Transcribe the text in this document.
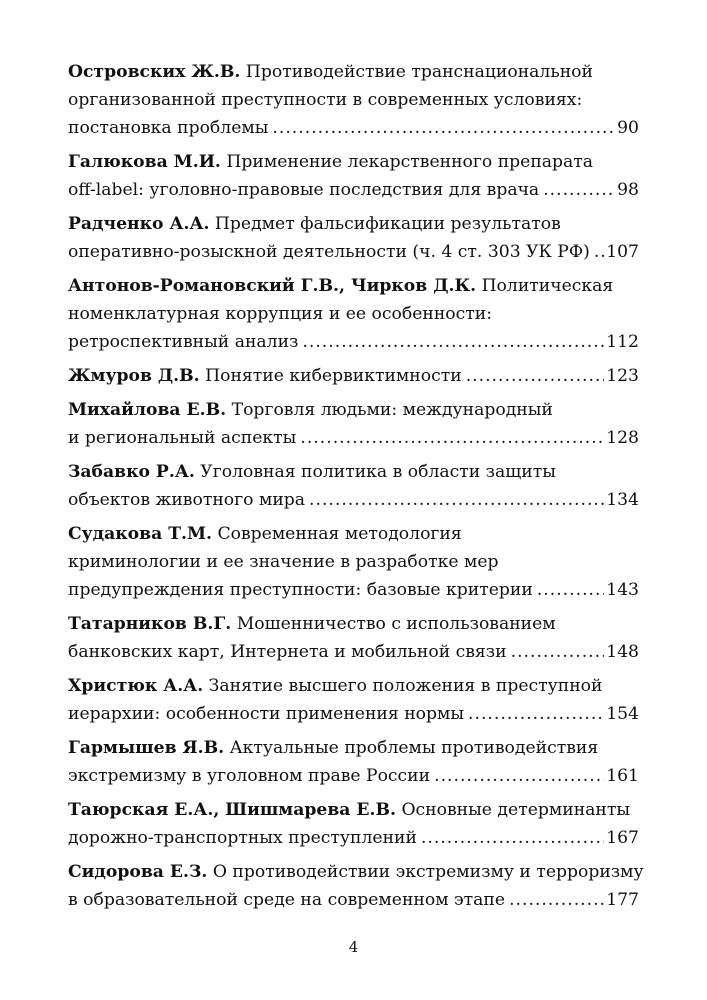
Островских Ж.В. Противодействие транснациональной
организованной преступности в современных условиях:
постановка проблемы .....	90
Галюкова М.И. Применение лекарственного препарата
off-label: уголовно-правовые последствия для врача .....	98
Радченко А.А. Предмет фальсификации результатов
оперативно-розыскной деятельности (ч. 4 ст. 303 УК РФ) ..... 107
Антонов-Романовский Г.В., Чирков Д.К. Политическая
номенклатурная коррупция и ее особенности:
ретроспективный анализ .....	112
Жмуров Д.В. Понятие кибервиктимности .....	123
Михайлова Е.В. Торговля людьми: международный
и региональный аспекты .....	128
Забавко Р.А. Уголовная политика в области защиты
объектов животного мира .....	134
Судакова Т.М. Современная методология
криминологии и ее значение в разработке мер
предупреждения преступности: базовые критерии .....	143
Татарников В.Г. Мошенничество с использованием
банковских карт, Интернета и мобильной связи .....	148
Христюк А.А. Занятие высшего положения в преступной
иерархии: особенности применения нормы .....	154
Гармышев Я.В. Актуальные проблемы противодействия
экстремизму в уголовном праве России .....	161
Таюрская Е.А., Шишмарева Е.В. Основные детерминанты
дорожно-транспортных преступлений .....	167
Сидорова Е.З. О противодействии экстремизму и терроризму
в образовательной среде на современном этапе .....	177
4
